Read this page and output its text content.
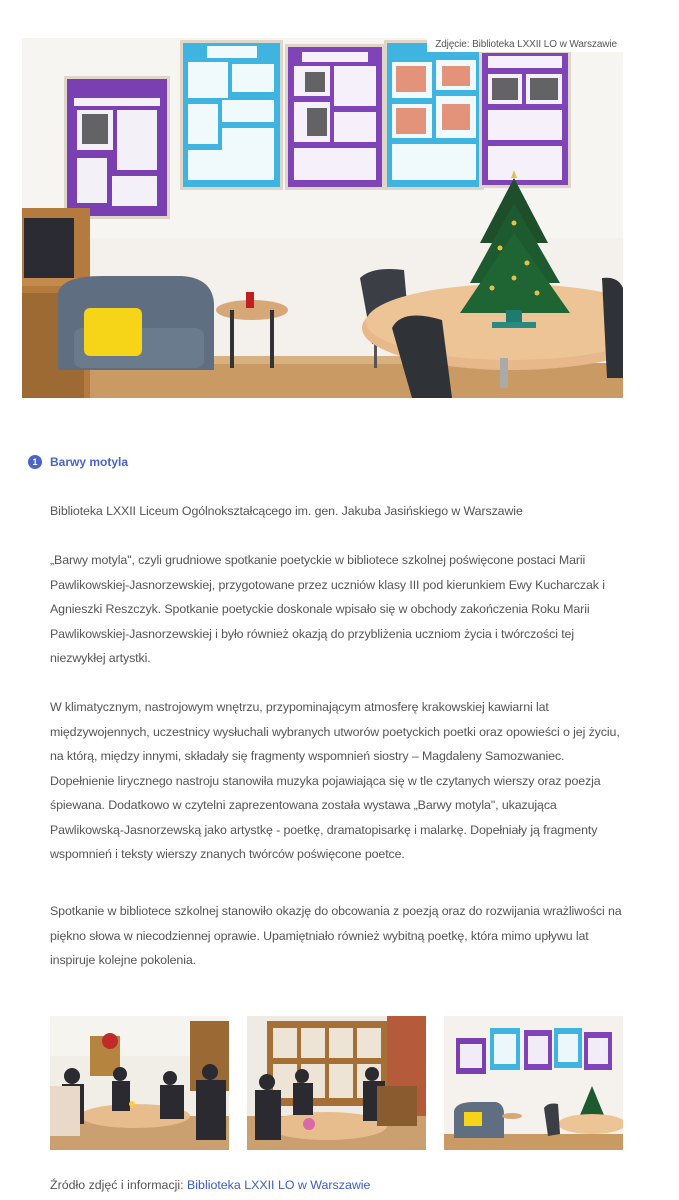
Zdjęcie: Biblioteka LXXII LO w Warszawie
1	Barwy motyla
Biblioteka LXXII Liceum Ogólnokształcącego im. gen. Jakuba Jasińskiego w Warszawie
„Barwy motyla", czyli grudniowe spotkanie poetyckie w bibliotece szkolnej poświęcone postaci Marii
Pawlikowskiej-Jasnorzewskiej, przygotowane przez uczniów klasy III pod kierunkiem Ewy Kucharczak i
Agnieszki Reszczyk. Spotkanie poetyckie doskonale wpisało się w obchody zakończenia Roku Marii
Pawlikowskiej-Jasnorzewskiej i było również okazją do przybliżenia uczniom życia i twórczości tej
niezwykłej artystki.
W klimatycznym, nastrojowym wnętrzu, przypominającym atmosferę krakowskiej kawiarni lat
międzywojennych, uczestnicy wysłuchali wybranych utworów poetyckich poetki oraz opowieści o jej życiu,
na którą, między innymi, składały się fragmenty wspomnień siostry – Magdaleny Samozwaniec.
Dopełnienie lirycznego nastroju stanowiła muzyka pojawiająca się w tle czytanych wierszy oraz poezja
śpiewana. Dodatkowo w czytelni zaprezentowana została wystawa „Barwy motyla", ukazująca
Pawlikowską-Jasnorzewską jako artystkę - poetkę, dramatopisarkę i malarkę. Dopełniały ją fragmenty
wspomnień i teksty wierszy znanych twórców poświęcone poetce.
Spotkanie w bibliotece szkolnej stanowiło okazję do obcowania z poezją oraz do rozwijania wrażliwości na
piękno słowa w niecodziennej oprawie. Upamiętniało również wybitną poetkę, która mimo upływu lat
inspiruje kolejne pokolenia.
Źródło zdjęć i informacji: Biblioteka LXXII LO w Warszawie
